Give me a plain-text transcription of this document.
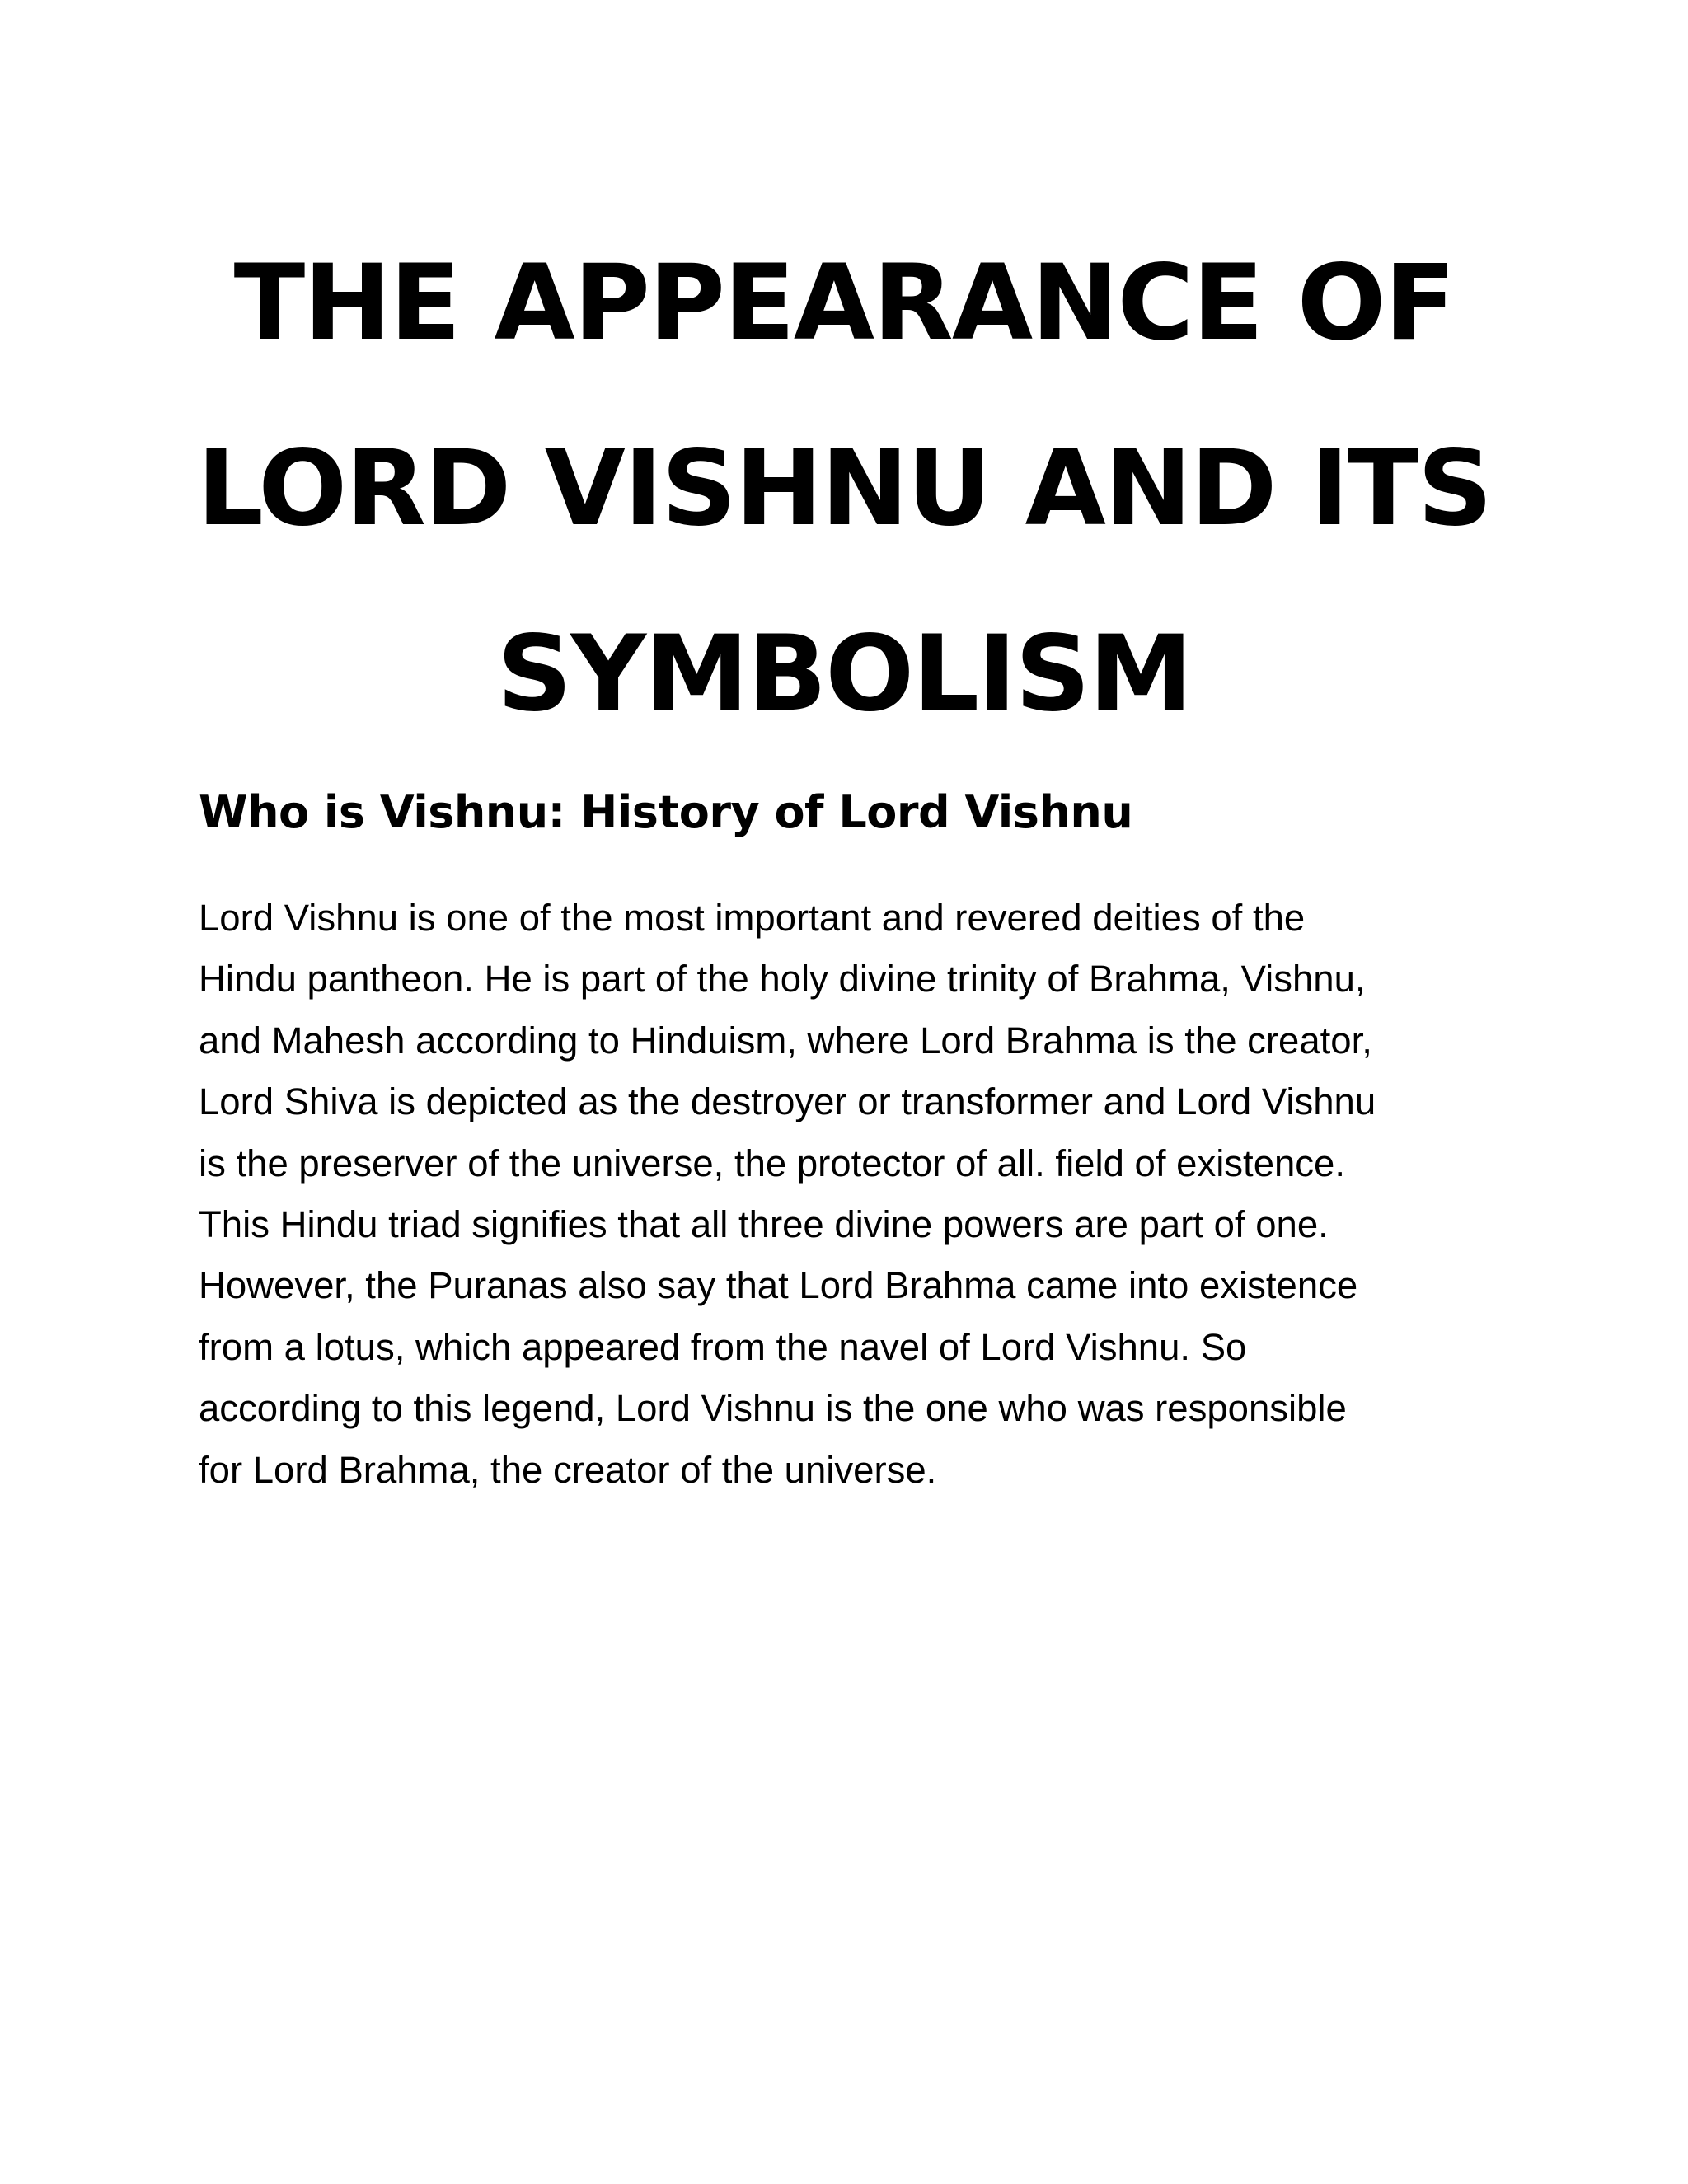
THE APPEARANCE OF
LORD VISHNU AND ITS
SYMBOLISM
Who is Vishnu: History of Lord Vishnu

Lord Vishnu is one of the most important and revered deities of the
Hindu pantheon. He is part of the holy divine trinity of Brahma, Vishnu,
and Mahesh according to Hinduism, where Lord Brahma is the creator,
Lord Shiva is depicted as the destroyer or transformer and Lord Vishnu
is the preserver of the universe, the protector of all. field of existence.
This Hindu triad signifies that all three divine powers are part of one.
However, the Puranas also say that Lord Brahma came into existence
from a lotus, which appeared from the navel of Lord Vishnu. So
according to this legend, Lord Vishnu is the one who was responsible
for Lord Brahma, the creator of the universe.
